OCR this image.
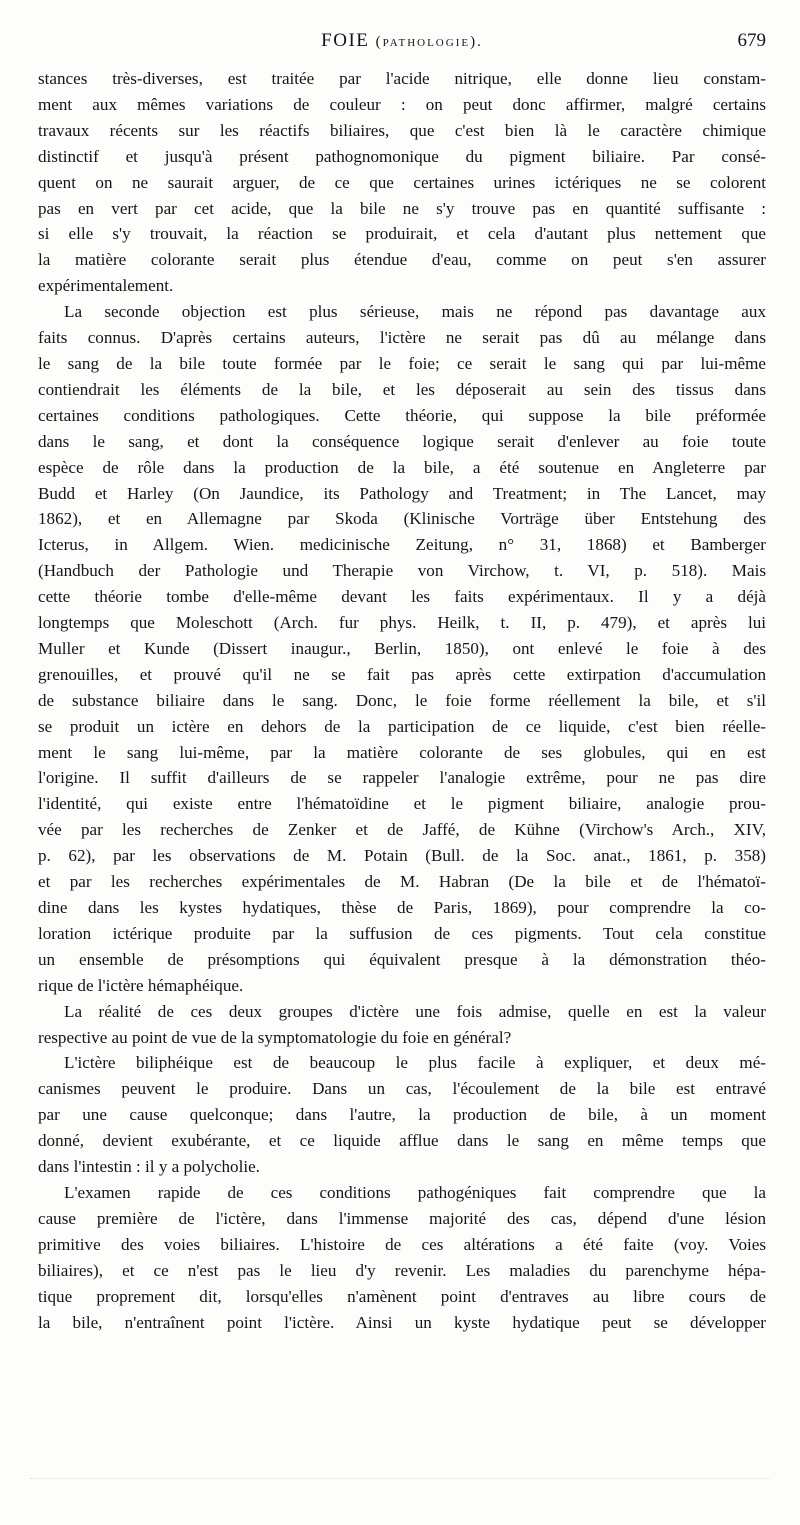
FOIE (pathologie).	679
stances très-diverses, est traitée par l'acide nitrique, elle donne lieu constam-
ment aux mêmes variations de couleur : on peut donc affirmer, malgré certains
travaux récents sur les réactifs biliaires, que c'est bien là le caractère chimique
distinctif et jusqu'à présent pathognomonique du pigment biliaire. Par consé-
quent on ne saurait arguer, de ce que certaines urines ictériques ne se colorent
pas en vert par cet acide, que la bile ne s'y trouve pas en quantité suffisante :
si elle s'y trouvait, la réaction se produirait, et cela d'autant plus nettement que
la matière colorante serait plus étendue d'eau, comme on peut s'en assurer
expérimentalement.
La seconde objection est plus sérieuse, mais ne répond pas davantage aux
faits connus. D'après certains auteurs, l'ictère ne serait pas dû au mélange dans
le sang de la bile toute formée par le foie; ce serait le sang qui par lui-même
contiendrait les éléments de la bile, et les déposerait au sein des tissus dans
certaines conditions pathologiques. Cette théorie, qui suppose la bile préformée
dans le sang, et dont la conséquence logique serait d'enlever au foie toute
espèce de rôle dans la production de la bile, a été soutenue en Angleterre par
Budd et Harley (On Jaundice, its Pathology and Treatment; in The Lancet, may
1862), et en Allemagne par Skoda (Klinische Vorträge über Entstehung des
Icterus, in Allgem. Wien. medicinische Zeitung, n° 31, 1868) et Bamberger
(Handbuch der Pathologie und Therapie von Virchow, t. VI, p. 518). Mais
cette théorie tombe d'elle-même devant les faits expérimentaux. Il y a déjà
longtemps que Moleschott (Arch. fur phys. Heilk, t. II, p. 479), et après lui
Muller et Kunde (Dissert inaugur., Berlin, 1850), ont enlevé le foie à des
grenouilles, et prouvé qu'il ne se fait pas après cette extirpation d'accumulation
de substance biliaire dans le sang. Donc, le foie forme réellement la bile, et s'il
se produit un ictère en dehors de la participation de ce liquide, c'est bien réelle-
ment le sang lui-même, par la matière colorante de ses globules, qui en est
l'origine. Il suffit d'ailleurs de se rappeler l'analogie extrême, pour ne pas dire
l'identité, qui existe entre l'hématoïdine et le pigment biliaire, analogie prou-
vée par les recherches de Zenker et de Jaffé, de Kühne (Virchow's Arch., XIV,
p. 62), par les observations de M. Potain (Bull. de la Soc. anat., 1861, p. 358)
et par les recherches expérimentales de M. Habran (De la bile et de l'hématoï-
dine dans les kystes hydatiques, thèse de Paris, 1869), pour comprendre la co-
loration ictérique produite par la suffusion de ces pigments. Tout cela constitue
un ensemble de présomptions qui équivalent presque à la démonstration théo-
rique de l'ictère hémaphéique.
La réalité de ces deux groupes d'ictère une fois admise, quelle en est la valeur
respective au point de vue de la symptomatologie du foie en général?
L'ictère biliphéique est de beaucoup le plus facile à expliquer, et deux mé-
canismes peuvent le produire. Dans un cas, l'écoulement de la bile est entravé
par une cause quelconque; dans l'autre, la production de bile, à un moment
donné, devient exubérante, et ce liquide afflue dans le sang en même temps que
dans l'intestin : il y a polycholie.
L'examen rapide de ces conditions pathogéniques fait comprendre que la
cause première de l'ictère, dans l'immense majorité des cas, dépend d'une lésion
primitive des voies biliaires. L'histoire de ces altérations a été faite (voy. Voies
biliaires), et ce n'est pas le lieu d'y revenir. Les maladies du parenchyme hépa-
tique proprement dit, lorsqu'elles n'amènent point d'entraves au libre cours de
la bile, n'entraînent point l'ictère. Ainsi un kyste hydatique peut se développer
